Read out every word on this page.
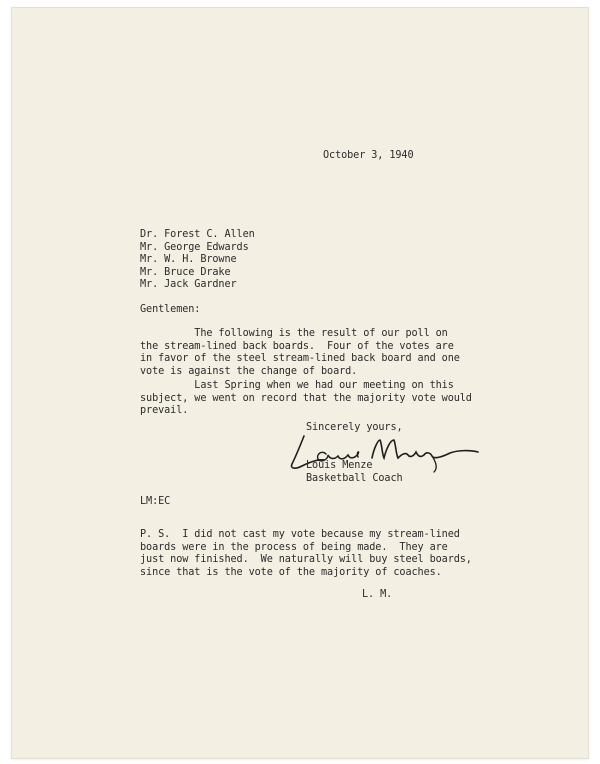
October 3, 1940

Dr. Forest C. Allen
Mr. George Edwards
Mr. W. H. Browne
Mr. Bruce Drake
Mr. Jack Gardner

Gentlemen:

The following is the result of our poll on
the stream-lined back boards.  Four of the votes are
in favor of the steel stream-lined back board and one
vote is against the change of board.
Last Spring when we had our meeting on this
subject, we went on record that the majority vote would
prevail.

Sincerely yours,

Louis Menze

Basketball Coach

LM:EC

P. S.  I did not cast my vote because my stream-lined
boards were in the process of being made.  They are
just now finished.  We naturally will buy steel boards,
since that is the vote of the majority of coaches.

L. M.
